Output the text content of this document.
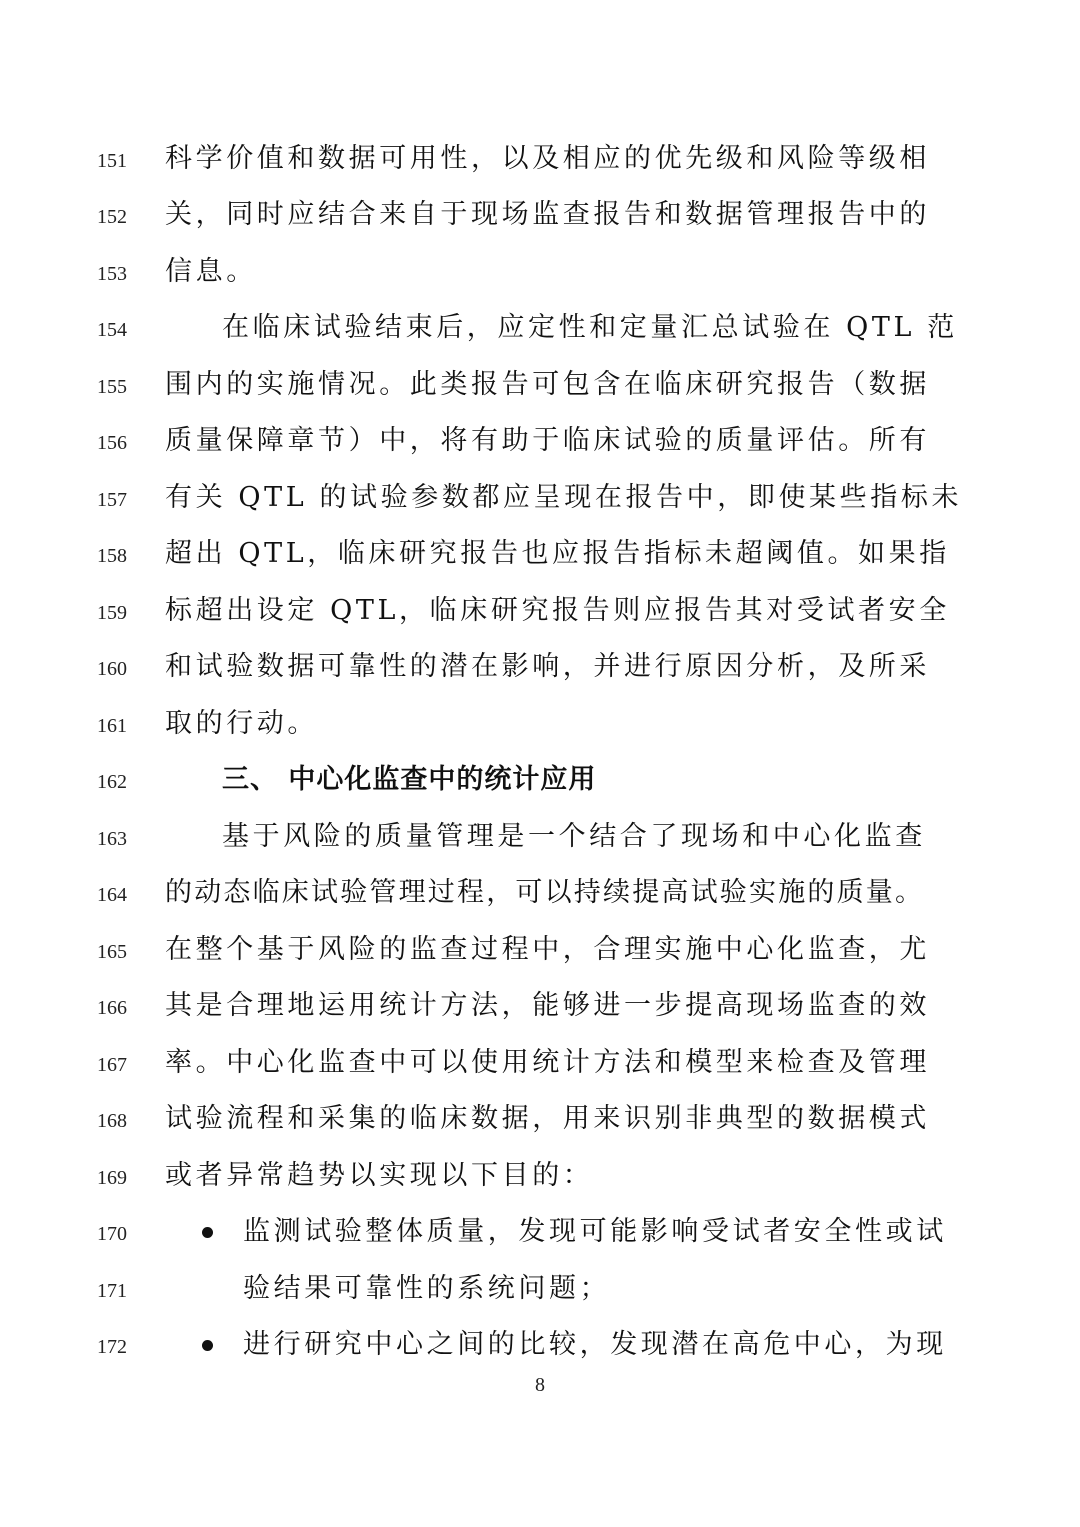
151 科学价值和数据可用性，以及相应的优先级和风险等级相
152 关，同时应结合来自于现场监查报告和数据管理报告中的
153 信息。
154	在临床试验结束后，应定性和定量汇总试验在 QTL 范
155 围内的实施情况。此类报告可包含在临床研究报告（数据
156 质量保障章节）中，将有助于临床试验的质量评估。所有
157 有关 QTL 的试验参数都应呈现在报告中，即使某些指标未
158 超出 QTL，临床研究报告也应报告指标未超阈值。如果指
159 标超出设定 QTL，临床研究报告则应报告其对受试者安全
160 和试验数据可靠性的潜在影响，并进行原因分析，及所采
161 取的行动。
162	三、 中心化监查中的统计应用
163	基于风险的质量管理是一个结合了现场和中心化监查
164 的动态临床试验管理过程，可以持续提高试验实施的质量。
165 在整个基于风险的监查过程中，合理实施中心化监查，尤
166 其是合理地运用统计方法，能够进一步提高现场监查的效
167 率。中心化监查中可以使用统计方法和模型来检查及管理
168 试验流程和采集的临床数据，用来识别非典型的数据模式
169 或者异常趋势以实现以下目的：
170	监测试验整体质量，发现可能影响受试者安全性或试
171	验结果可靠性的系统问题；
172	进行研究中心之间的比较，发现潜在高危中心，为现
8
